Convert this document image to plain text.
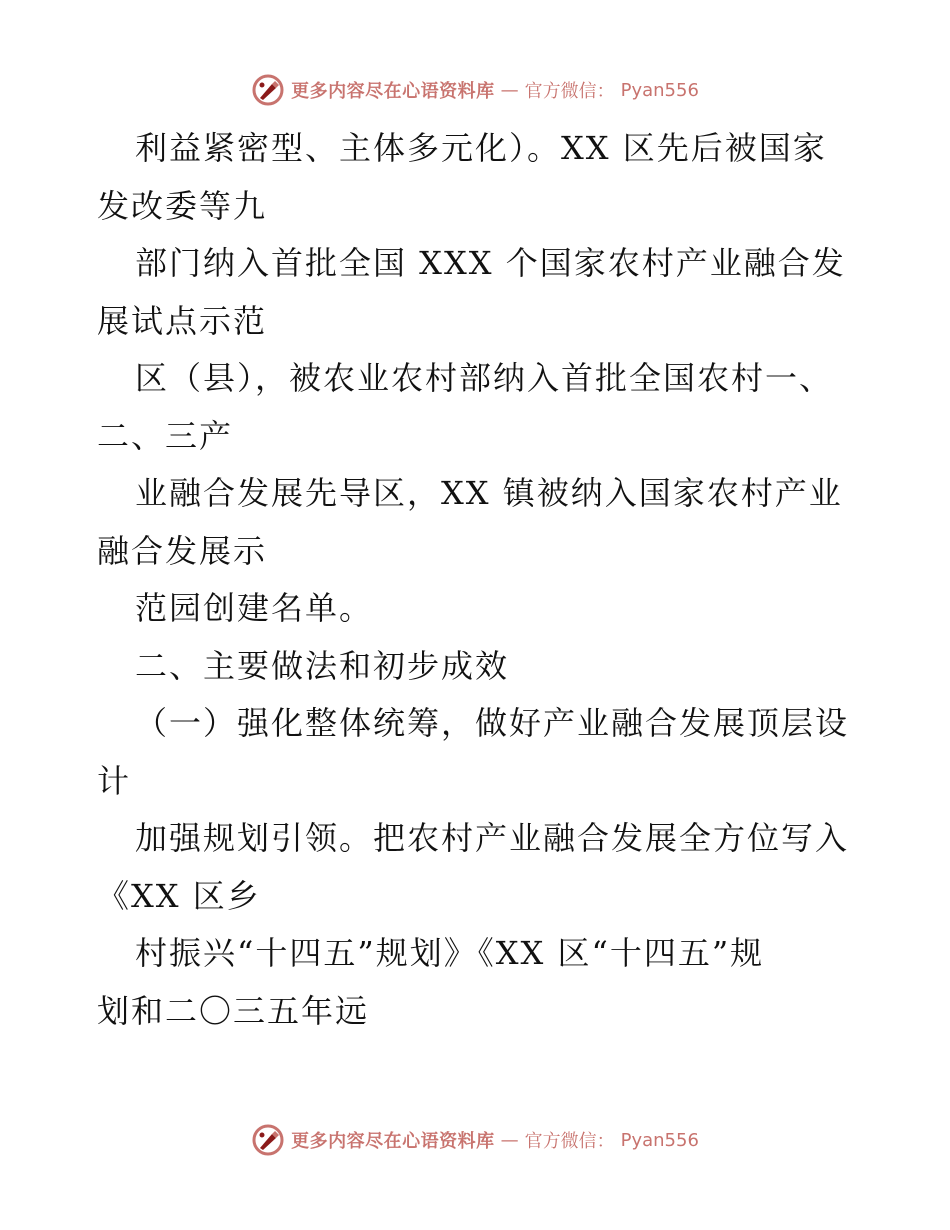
更多内容尽在心语资料库 — 官方微信： Pyan556
利益紧密型、主体多元化）。XX 区先后被国家
发改委等九
部门纳入首批全国 XXX 个国家农村产业融合发
展试点示范
区（县），被农业农村部纳入首批全国农村一、
二、三产
业融合发展先导区，XX 镇被纳入国家农村产业
融合发展示
范园创建名单。
二、主要做法和初步成效
（一）强化整体统筹，做好产业融合发展顶层设
计
加强规划引领。把农村产业融合发展全方位写入
《XX 区乡
村振兴“十四五”规划》《XX 区“十四五”规
划和二〇三五年远
更多内容尽在心语资料库 — 官方微信： Pyan556
